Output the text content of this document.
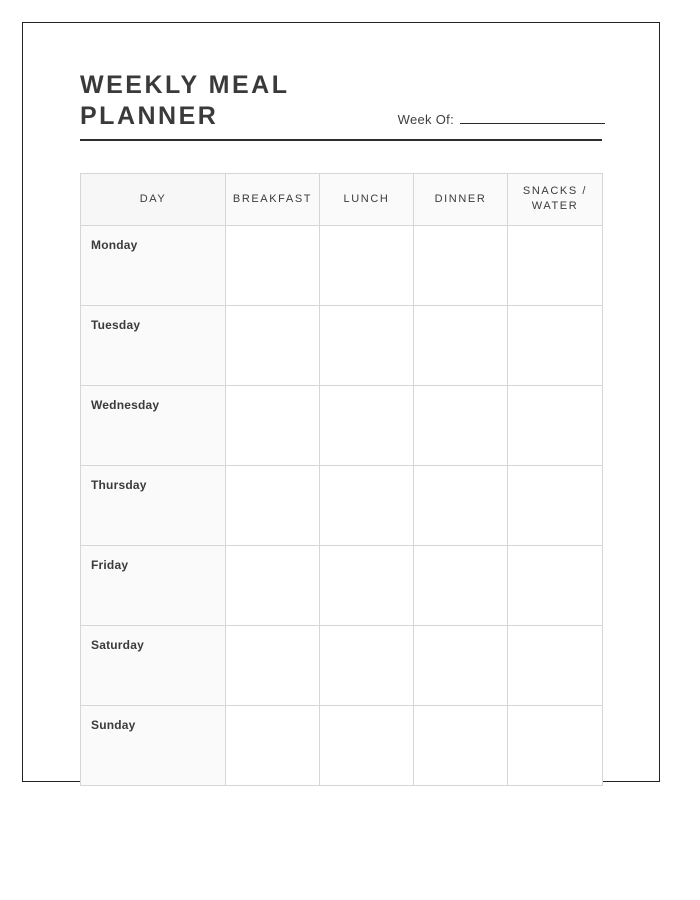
WEEKLY MEAL
PLANNER	Week Of:
DAY	BREAKFAST	LUNCH	DINNER	SNACKS /
WATER
Monday				
Tuesday				
Wednesday				
Thursday				
Friday				
Saturday				
Sunday				
